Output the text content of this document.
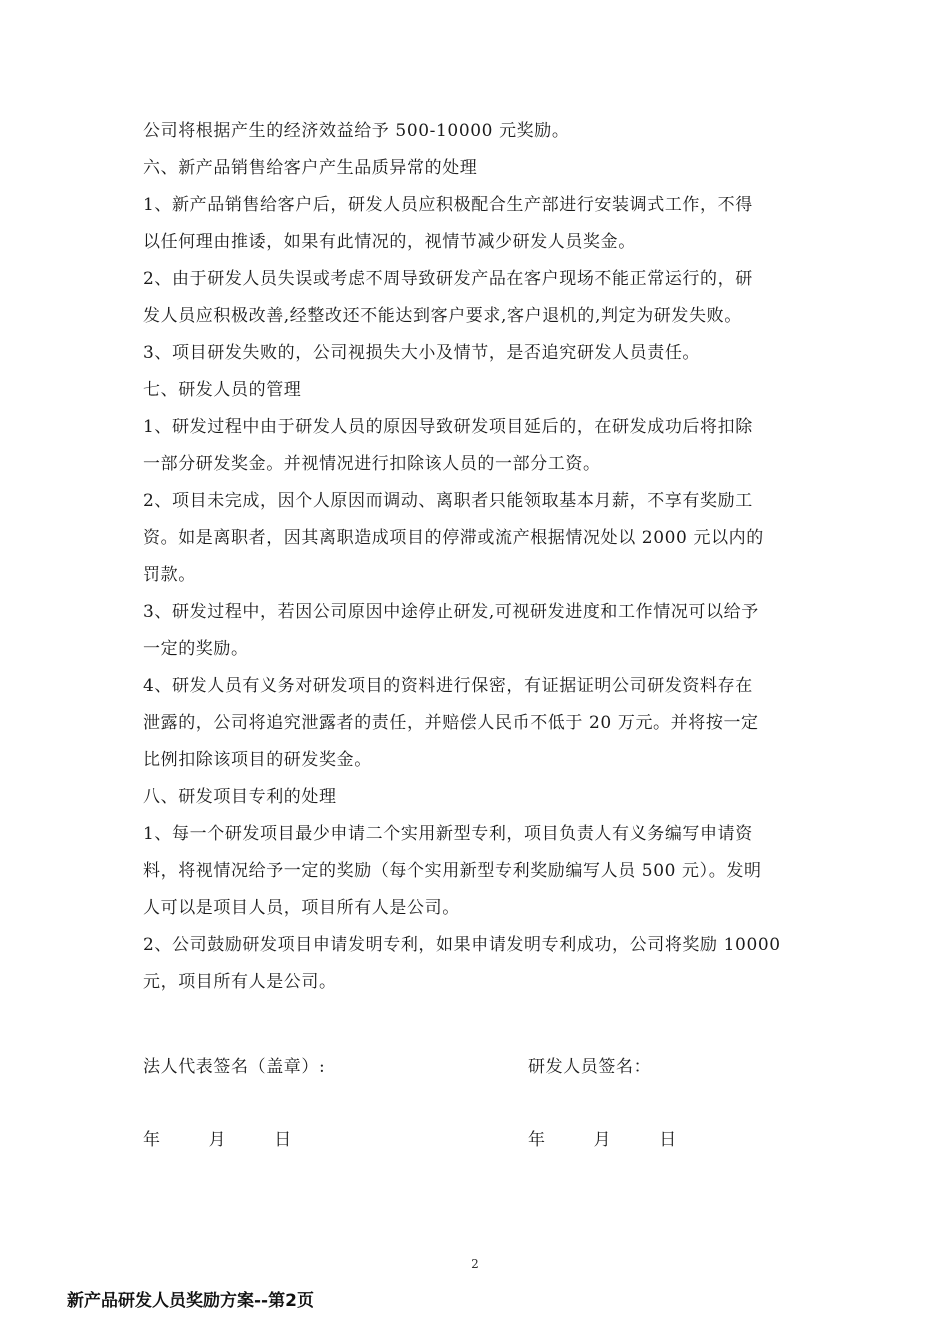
公司将根据产生的经济效益给予 500-10000 元奖励。
六、新产品销售给客户产生品质异常的处理
1、新产品销售给客户后，研发人员应积极配合生产部进行安装调式工作，不得
以任何理由推诿，如果有此情况的，视情节减少研发人员奖金。
2、由于研发人员失误或考虑不周导致研发产品在客户现场不能正常运行的，研
发人员应积极改善,经整改还不能达到客户要求,客户退机的,判定为研发失败。
3、项目研发失败的，公司视损失大小及情节，是否追究研发人员责任。
七、研发人员的管理
1、研发过程中由于研发人员的原因导致研发项目延后的，在研发成功后将扣除
一部分研发奖金。并视情况进行扣除该人员的一部分工资。
2、项目未完成，因个人原因而调动、离职者只能领取基本月薪，不享有奖励工
资。如是离职者，因其离职造成项目的停滞或流产根据情况处以 2000 元以内的
罚款。
3、研发过程中，若因公司原因中途停止研发,可视研发进度和工作情况可以给予
一定的奖励。
4、研发人员有义务对研发项目的资料进行保密，有证据证明公司研发资料存在
泄露的，公司将追究泄露者的责任，并赔偿人民币不低于 20 万元。并将按一定
比例扣除该项目的研发奖金。
八、研发项目专利的处理
1、每一个研发项目最少申请二个实用新型专利，项目负责人有义务编写申请资
料，将视情况给予一定的奖励（每个实用新型专利奖励编写人员 500 元）。发明
人可以是项目人员，项目所有人是公司。
2、公司鼓励研发项目申请发明专利，如果申请发明专利成功，公司将奖励 10000
元，项目所有人是公司。
法人代表签名（盖章）:	研发人员签名：
年	月	日	年	月	日
2
新产品研发人员奖励方案--第2页
